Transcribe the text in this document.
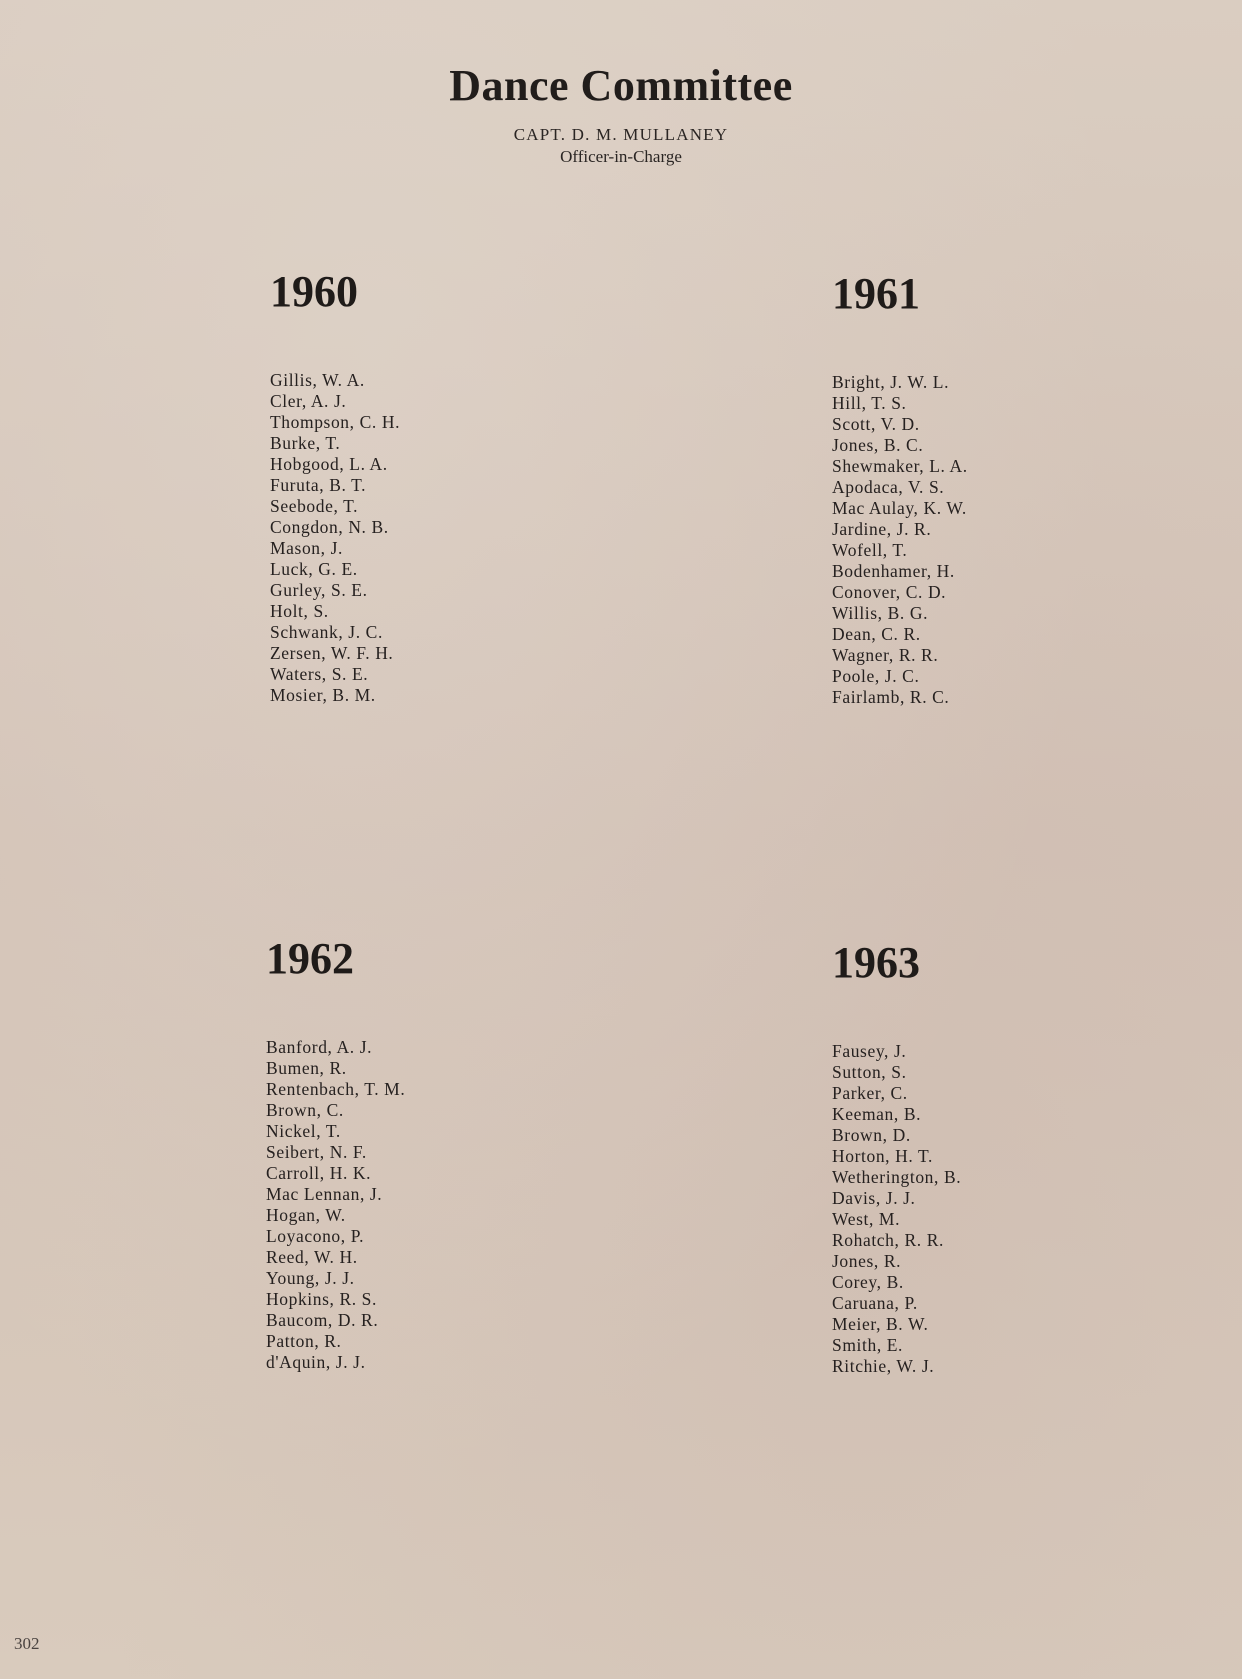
Dance Committee
CAPT. D. M. MULLANEY
Officer-in-Charge
1960
Gillis, W. A.
Cler, A. J.
Thompson, C. H.
Burke, T.
Hobgood, L. A.
Furuta, B. T.
Seebode, T.
Congdon, N. B.
Mason, J.
Luck, G. E.
Gurley, S. E.
Holt, S.
Schwank, J. C.
Zersen, W. F. H.
Waters, S. E.
Mosier, B. M.
1961
Bright, J. W. L.
Hill, T. S.
Scott, V. D.
Jones, B. C.
Shewmaker, L. A.
Apodaca, V. S.
Mac Aulay, K. W.
Jardine, J. R.
Wofell, T.
Bodenhamer, H.
Conover, C. D.
Willis, B. G.
Dean, C. R.
Wagner, R. R.
Poole, J. C.
Fairlamb, R. C.
1962
Banford, A. J.
Bumen, R.
Rentenbach, T. M.
Brown, C.
Nickel, T.
Seibert, N. F.
Carroll, H. K.
Mac Lennan, J.
Hogan, W.
Loyacono, P.
Reed, W. H.
Young, J. J.
Hopkins, R. S.
Baucom, D. R.
Patton, R.
d'Aquin, J. J.
1963
Fausey, J.
Sutton, S.
Parker, C.
Keeman, B.
Brown, D.
Horton, H. T.
Wetherington, B.
Davis, J. J.
West, M.
Rohatch, R. R.
Jones, R.
Corey, B.
Caruana, P.
Meier, B. W.
Smith, E.
Ritchie, W. J.
302
